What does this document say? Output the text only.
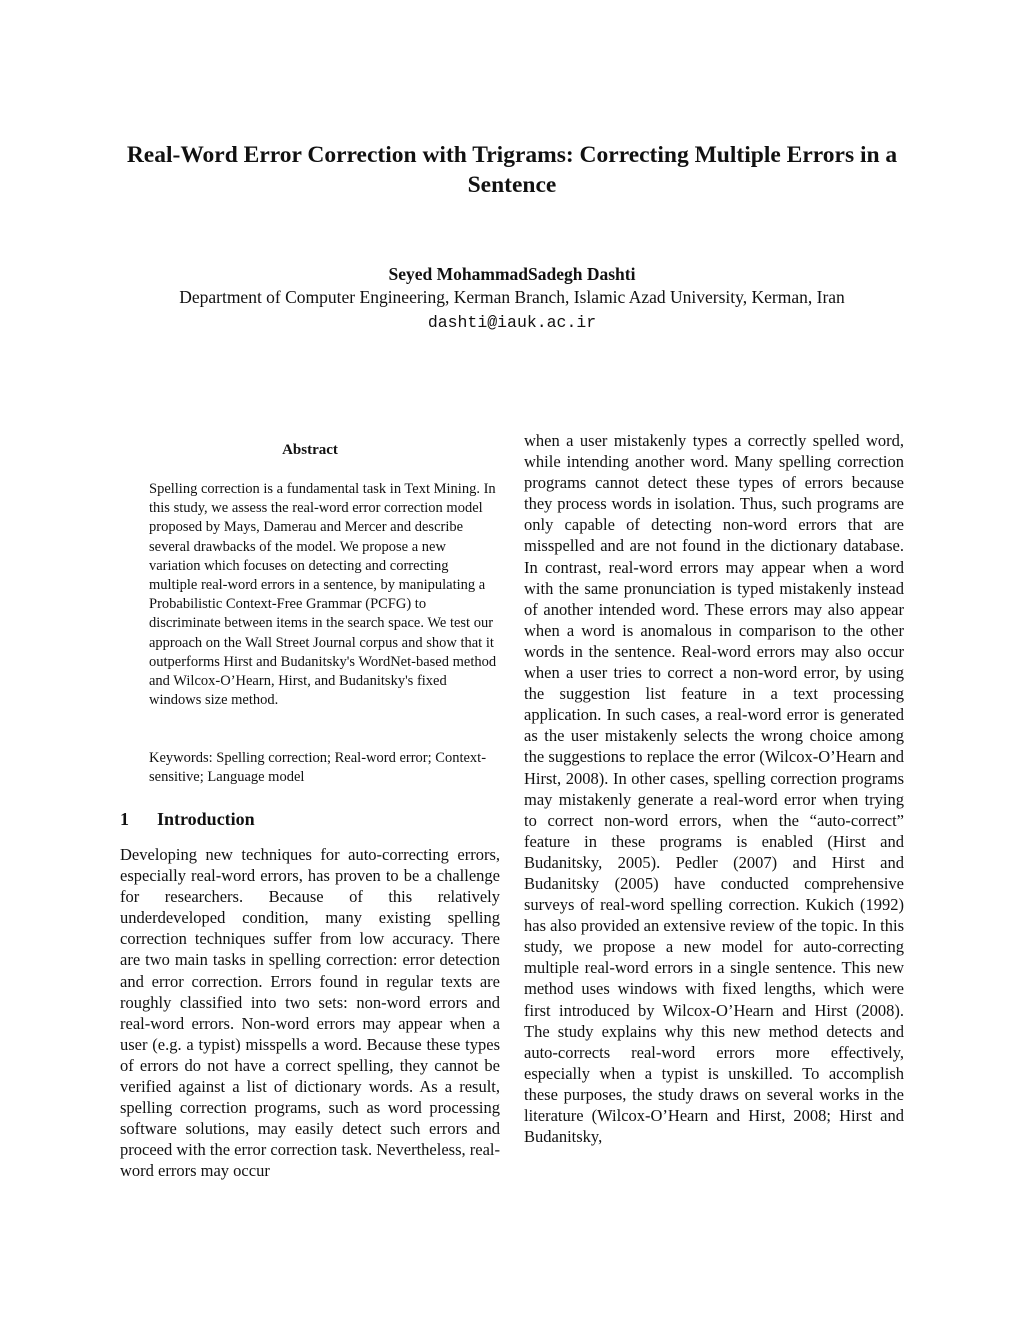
Real-Word Error Correction with Trigrams: Correcting Multiple Errors in a Sentence
Seyed MohammadSadegh Dashti
Department of Computer Engineering, Kerman Branch, Islamic Azad University, Kerman, Iran
dashti@iauk.ac.ir
Abstract

Spelling correction is a fundamental task in Text Mining. In this study, we assess the real-word error correction model proposed by Mays, Damerau and Mercer and describe several drawbacks of the model. We propose a new variation which focuses on detecting and correcting multiple real-word errors in a sentence, by manipulating a Probabilistic Context-Free Grammar (PCFG) to discriminate between items in the search space. We test our approach on the Wall Street Journal corpus and show that it outperforms Hirst and Budanitsky's WordNet-based method and Wilcox-O’Hearn, Hirst, and Budanitsky's fixed windows size method.

Keywords: Spelling correction; Real-word error; Context-sensitive; Language model

1 Introduction

Developing new techniques for auto-correcting errors, especially real-word errors, has proven to be a challenge for researchers. Because of this relatively underdeveloped condition, many existing spelling correction techniques suffer from low accuracy. There are two main tasks in spelling correction: error detection and error correction. Errors found in regular texts are roughly classified into two sets: non-word errors and real-word errors. Non-word errors may appear when a user (e.g. a typist) misspells a word. Because these types of errors do not have a correct spelling, they cannot be verified against a list of dictionary words. As a result, spelling correction programs, such as word processing software solutions, may easily detect such errors and proceed with the error correction task. Nevertheless, real-word errors may occur

when a user mistakenly types a correctly spelled word, while intending another word. Many spelling correction programs cannot detect these types of errors because they process words in isolation. Thus, such programs are only capable of detecting non-word errors that are misspelled and are not found in the dictionary database. In contrast, real-word errors may appear when a word with the same pronunciation is typed mistakenly instead of another intended word. These errors may also appear when a word is anomalous in comparison to the other words in the sentence. Real-word errors may also occur when a user tries to correct a non-word error, by using the suggestion list feature in a text processing application. In such cases, a real-word error is generated as the user mistakenly selects the wrong choice among the suggestions to replace the error (Wilcox-O’Hearn and Hirst, 2008). In other cases, spelling correction programs may mistakenly generate a real-word error when trying to correct non-word errors, when the “auto-correct” feature in these programs is enabled (Hirst and Budanitsky, 2005). Pedler (2007) and Hirst and Budanitsky (2005) have conducted comprehensive surveys of real-word spelling correction. Kukich (1992) has also provided an extensive review of the topic. In this study, we propose a new model for auto-correcting multiple real-word errors in a single sentence. This new method uses windows with fixed lengths, which were first introduced by Wilcox-O’Hearn and Hirst (2008). The study explains why this new method detects and auto-corrects real-word errors more effectively, especially when a typist is unskilled. To accomplish these purposes, the study draws on several works in the literature (Wilcox-O’Hearn and Hirst, 2008; Hirst and Budanitsky,
